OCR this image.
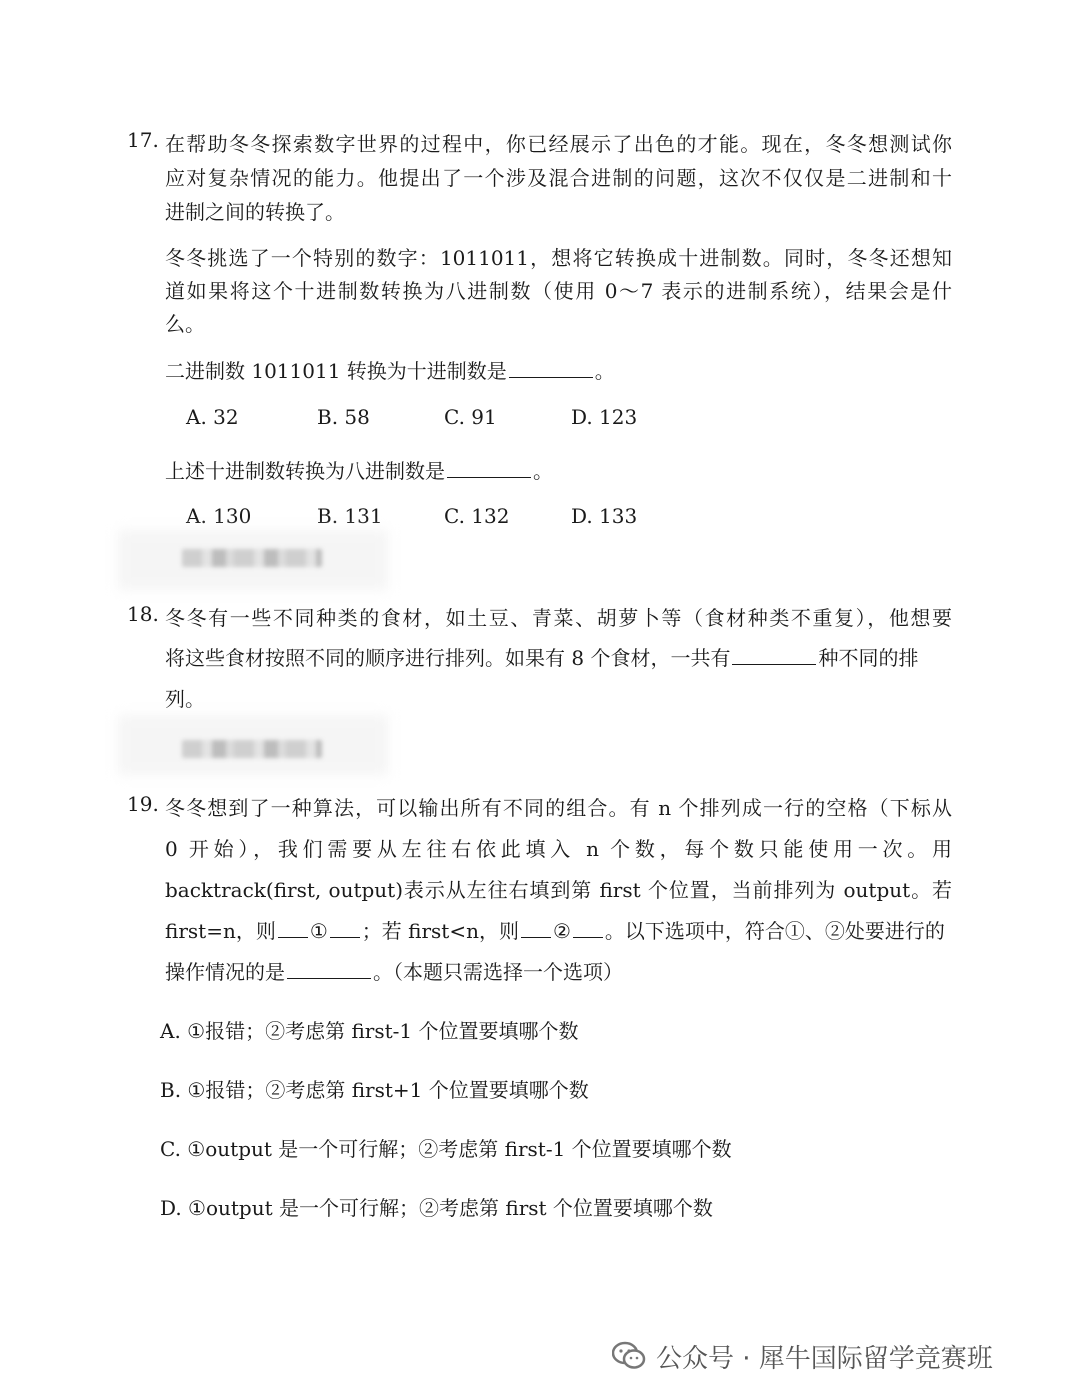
17. 在帮助冬冬探索数字世界的过程中，你已经展示了出色的才能。现在，冬冬想测试你
应对复杂情况的能力。他提出了一个涉及混合进制的问题，这次不仅仅是二进制和十
进制之间的转换了。
冬冬挑选了一个特别的数字：1011011，想将它转换成十进制数。同时，冬冬还想知
道如果将这个十进制数转换为八进制数（使用 0～7 表示的进制系统），结果会是什
么。
二进制数 1011011 转换为十进制数是	。
A. 32	B. 58	C. 91	D. 123
上述十进制数转换为八进制数是	。
A. 130	B. 131	C. 132	D. 133
18. 冬冬有一些不同种类的食材，如土豆、青菜、胡萝卜等（食材种类不重复），他想要
将这些食材按照不同的顺序进行排列。如果有 8 个食材，一共有	种不同的排
列。
19. 冬冬想到了一种算法，可以输出所有不同的组合。有 n 个排列成一行的空格（下标从
0 开始），我们需要从左往右依此填入 n 个数，每个数只能使用一次。用
backtrack(first, output)表示从左往右填到第 first 个位置，当前排列为 output。若
first=n，则 ① ；若 first<n，则 ② 。以下选项中，符合①、②处要进行的
操作情况的是	。（本题只需选择一个选项）
A. ①报错；②考虑第 first-1 个位置要填哪个数
B. ①报错；②考虑第 first+1 个位置要填哪个数
C. ①output 是一个可行解；②考虑第 first-1 个位置要填哪个数
D. ①output 是一个可行解；②考虑第 first 个位置要填哪个数
公众号 · 犀牛国际留学竞赛班
